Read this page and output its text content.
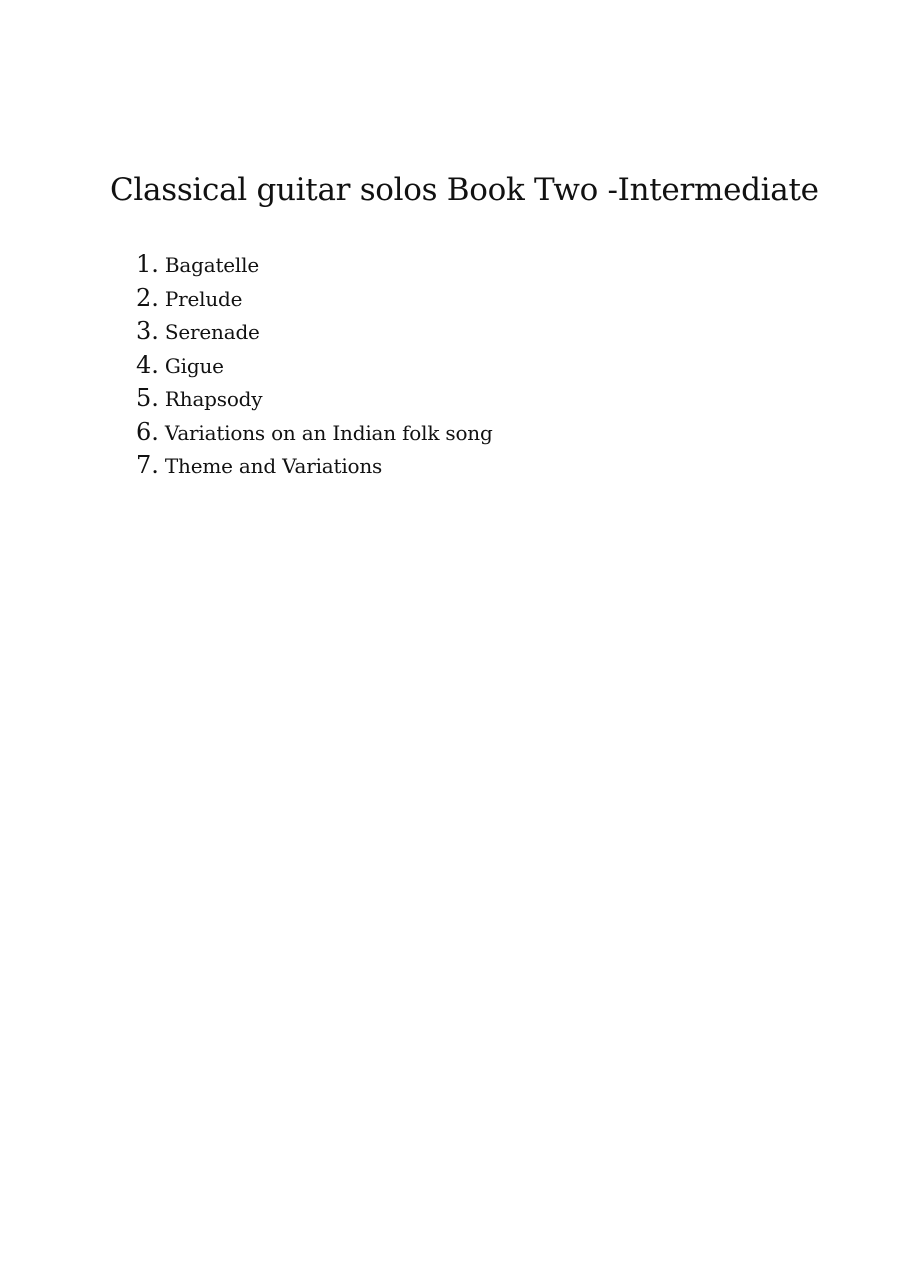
Classical guitar solos Book Two -Intermediate
1. Bagatelle
2. Prelude
3. Serenade
4. Gigue
5. Rhapsody
6. Variations on an Indian folk song
7. Theme and Variations
